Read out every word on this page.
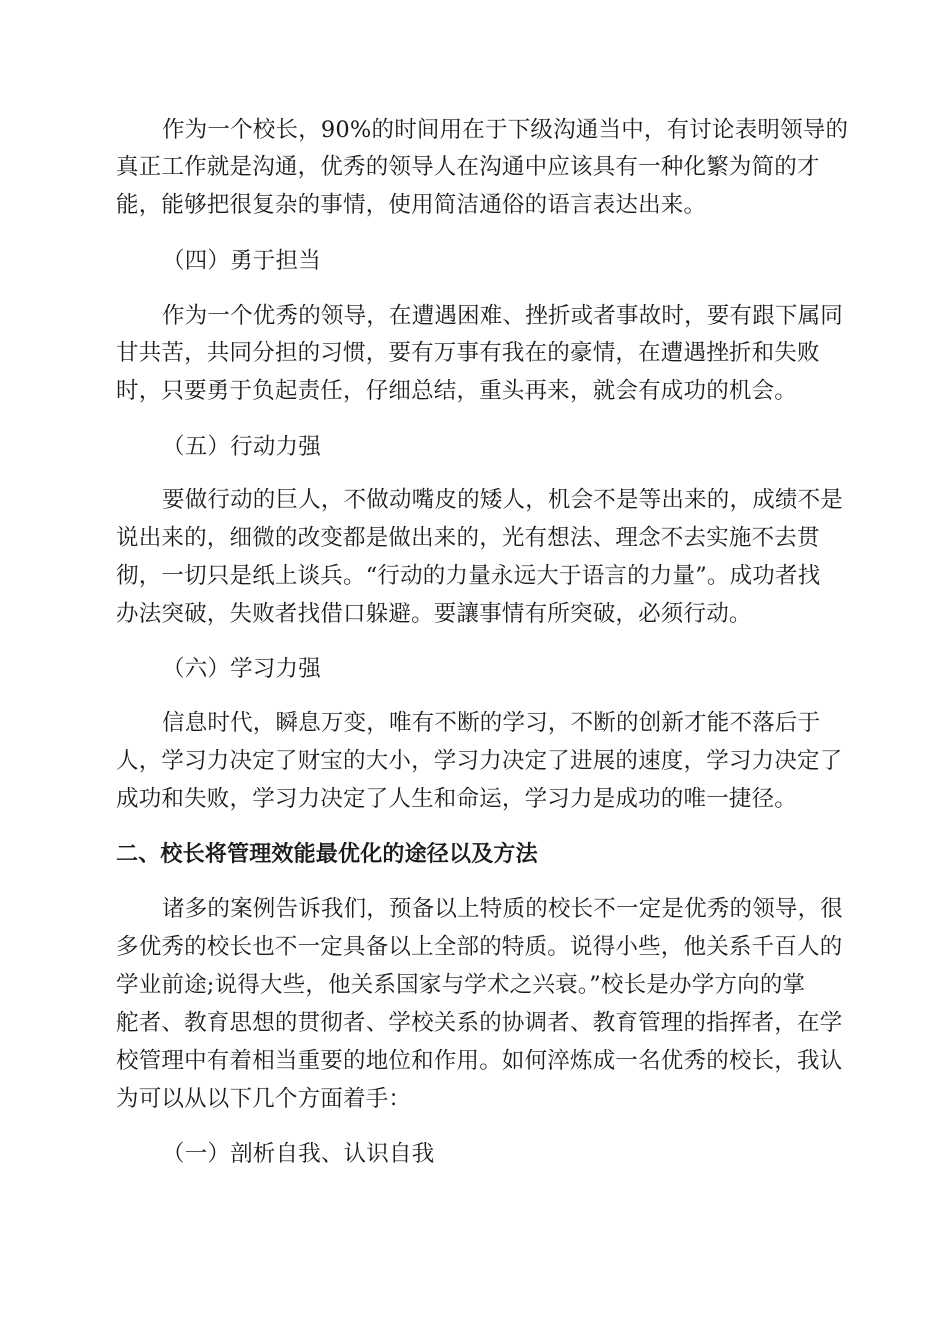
作为一个校长，90%的时间用在于下级沟通当中，有讨论表明领导的
真正工作就是沟通，优秀的领导人在沟通中应该具有一种化繁为简的才
能，能够把很复杂的事情，使用简洁通俗的语言表达出来。
（四）勇于担当
作为一个优秀的领导，在遭遇困难、挫折或者事故时，要有跟下属同
甘共苦，共同分担的习惯，要有万事有我在的豪情，在遭遇挫折和失败
时，只要勇于负起责任，仔细总结，重头再来，就会有成功的机会。
（五）行动力强
要做行动的巨人，不做动嘴皮的矮人，机会不是等出来的，成绩不是
说出来的，细微的改变都是做出来的，光有想法、理念不去实施不去贯
彻，一切只是纸上谈兵。“行动的力量永远大于语言的力量”。成功者找
办法突破，失败者找借口躲避。要讓事情有所突破，必须行动。
（六）学习力强
信息时代，瞬息万变，唯有不断的学习，不断的创新才能不落后于
人，学习力决定了财宝的大小，学习力决定了进展的速度，学习力决定了
成功和失败，学习力决定了人生和命运，学习力是成功的唯一捷径。
二、校长将管理效能最优化的途径以及方法
诸多的案例告诉我们，预备以上特质的校长不一定是优秀的领导，很
多优秀的校长也不一定具备以上全部的特质。说得小些，他关系千百人的
学业前途;说得大些，他关系国家与学术之兴衰。”校长是办学方向的掌
舵者、教育思想的贯彻者、学校关系的协调者、教育管理的指挥者，在学
校管理中有着相当重要的地位和作用。如何淬炼成一名优秀的校长，我认
为可以从以下几个方面着手：
（一）剖析自我、认识自我
